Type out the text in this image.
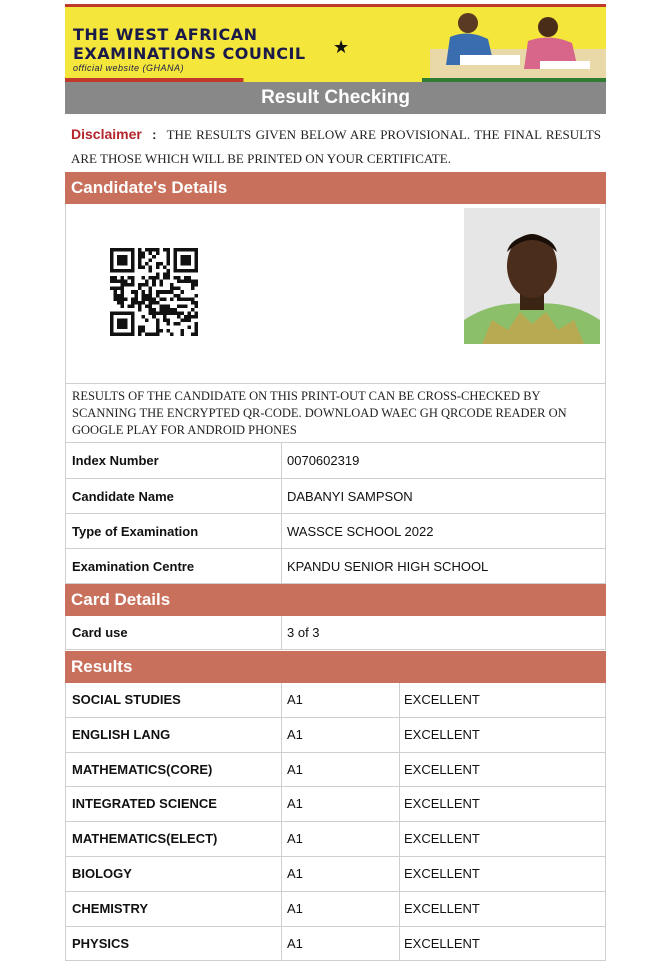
THE WEST AFRICAN
EXAMINATIONS COUNCIL
official website (GHANA)
★
Result Checking
Disclaimer : THE RESULTS GIVEN BELOW ARE PROVISIONAL. THE FINAL RESULTS ARE THOSE WHICH WILL BE PRINTED ON YOUR CERTIFICATE.
Candidate's Details
RESULTS OF THE CANDIDATE ON THIS PRINT-OUT CAN BE CROSS-CHECKED BY SCANNING THE ENCRYPTED QR-CODE. DOWNLOAD WAEC GH QRCODE READER ON GOOGLE PLAY FOR ANDROID PHONES
Index Number	0070602319
Candidate Name	DABANYI SAMPSON
Type of Examination	WASSCE SCHOOL 2022
Examination Centre	KPANDU SENIOR HIGH SCHOOL
Card Details
Card use	3 of 3
Results
SOCIAL STUDIES	A1	EXCELLENT
ENGLISH LANG	A1	EXCELLENT
MATHEMATICS(CORE)	A1	EXCELLENT
INTEGRATED SCIENCE	A1	EXCELLENT
MATHEMATICS(ELECT)	A1	EXCELLENT
BIOLOGY	A1	EXCELLENT
CHEMISTRY	A1	EXCELLENT
PHYSICS	A1	EXCELLENT
